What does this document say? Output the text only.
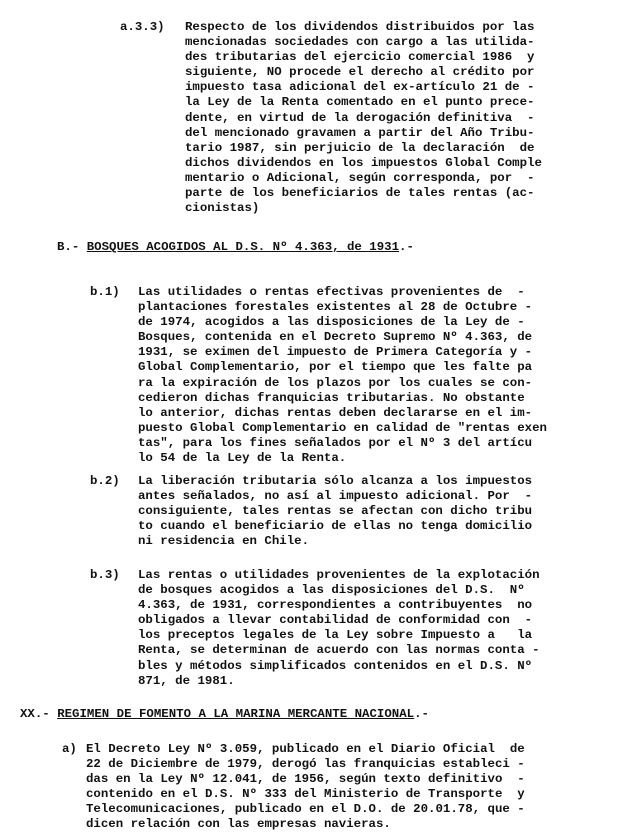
a.3.3) Respecto de los dividendos distribuidos por las
mencionadas sociedades con cargo a las utilida-
des tributarias del ejercicio comercial 1986  y
siguiente, NO procede el derecho al crédito por
impuesto tasa adicional del ex-artículo 21 de -
la Ley de la Renta comentado en el punto prece-
dente, en virtud de la derogación definitiva  -
del mencionado gravamen a partir del Año Tribu-
tario 1987, sin perjuicio de la declaración  de
dichos dividendos en los impuestos Global Comple
mentario o Adicional, según corresponda, por  -
parte de los beneficiarios de tales rentas (ac-
cionistas)
B.- BOSQUES ACOGIDOS AL D.S. Nº 4.363, de 1931.-
b.1) Las utilidades o rentas efectivas provenientes de  -
plantaciones forestales existentes al 28 de Octubre -
de 1974, acogidos a las disposiciones de la Ley de -
Bosques, contenida en el Decreto Supremo Nº 4.363, de
1931, se eximen del impuesto de Primera Categoría y -
Global Complementario, por el tiempo que les falte pa
ra la expiración de los plazos por los cuales se con-
cedieron dichas franquicias tributarias. No obstante
lo anterior, dichas rentas deben declararse en el im-
puesto Global Complementario en calidad de "rentas exen
tas", para los fines señalados por el Nº 3 del artícu
lo 54 de la Ley de la Renta.
b.2) La liberación tributaria sólo alcanza a los impuestos
antes señalados, no así al impuesto adicional. Por  -
consiguiente, tales rentas se afectan con dicho tribu
to cuando el beneficiario de ellas no tenga domicilio
ni residencia en Chile.
b.3) Las rentas o utilidades provenientes de la explotación
de bosques acogidos a las disposiciones del D.S.  Nº
4.363, de 1931, correspondientes a contribuyentes  no
obligados a llevar contabilidad de conformidad con  -
los preceptos legales de la Ley sobre Impuesto a   la
Renta, se determinan de acuerdo con las normas conta -
bles y métodos simplificados contenidos en el D.S. Nº
871, de 1981.
XX.- REGIMEN DE FOMENTO A LA MARINA MERCANTE NACIONAL.-
a) El Decreto Ley Nº 3.059, publicado en el Diario Oficial  de
22 de Diciembre de 1979, derogó las franquicias estableci -
das en la Ley Nº 12.041, de 1956, según texto definitivo  -
contenido en el D.S. Nº 333 del Ministerio de Transporte  y
Telecomunicaciones, publicado en el D.O. de 20.01.78, que -
dicen relación con las empresas navieras.
